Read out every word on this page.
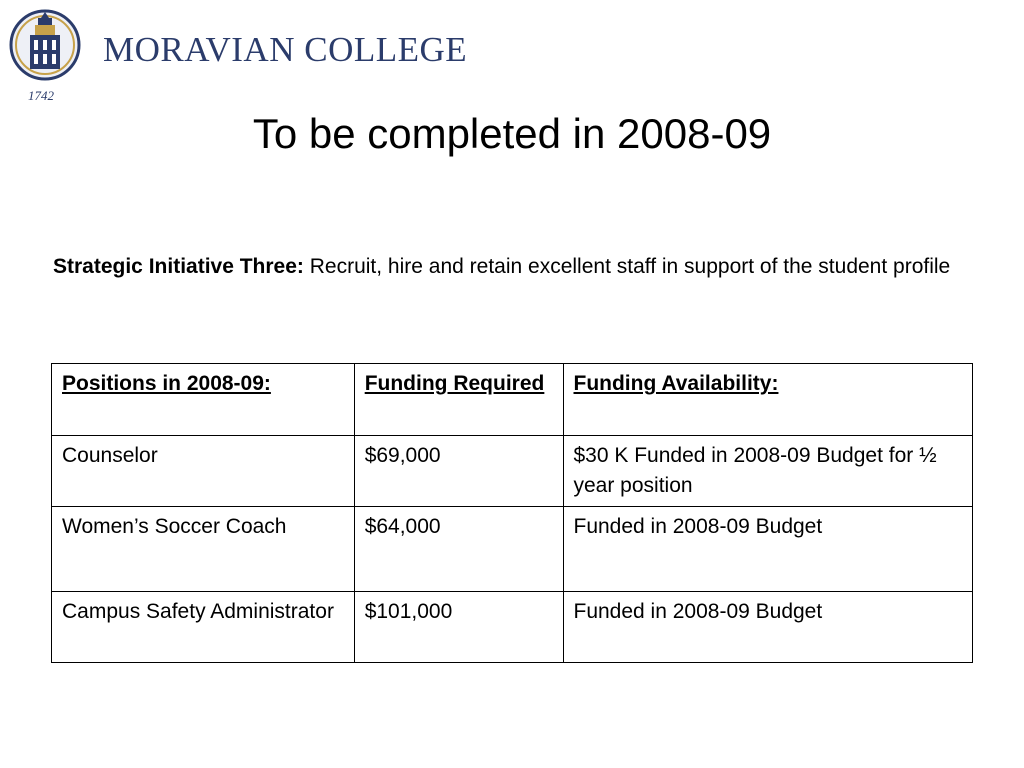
MORAVIAN COLLEGE
1742
To be completed in 2008-09
Strategic Initiative Three: Recruit, hire and retain excellent staff in support of the student profile
Positions in 2008-09:	Funding Required	Funding Availability:
Counselor	$69,000	$30 K Funded in 2008-09 Budget for ½ year position
Women’s Soccer Coach	$64,000	Funded in 2008-09 Budget
Campus Safety Administrator	$101,000	Funded in 2008-09 Budget
